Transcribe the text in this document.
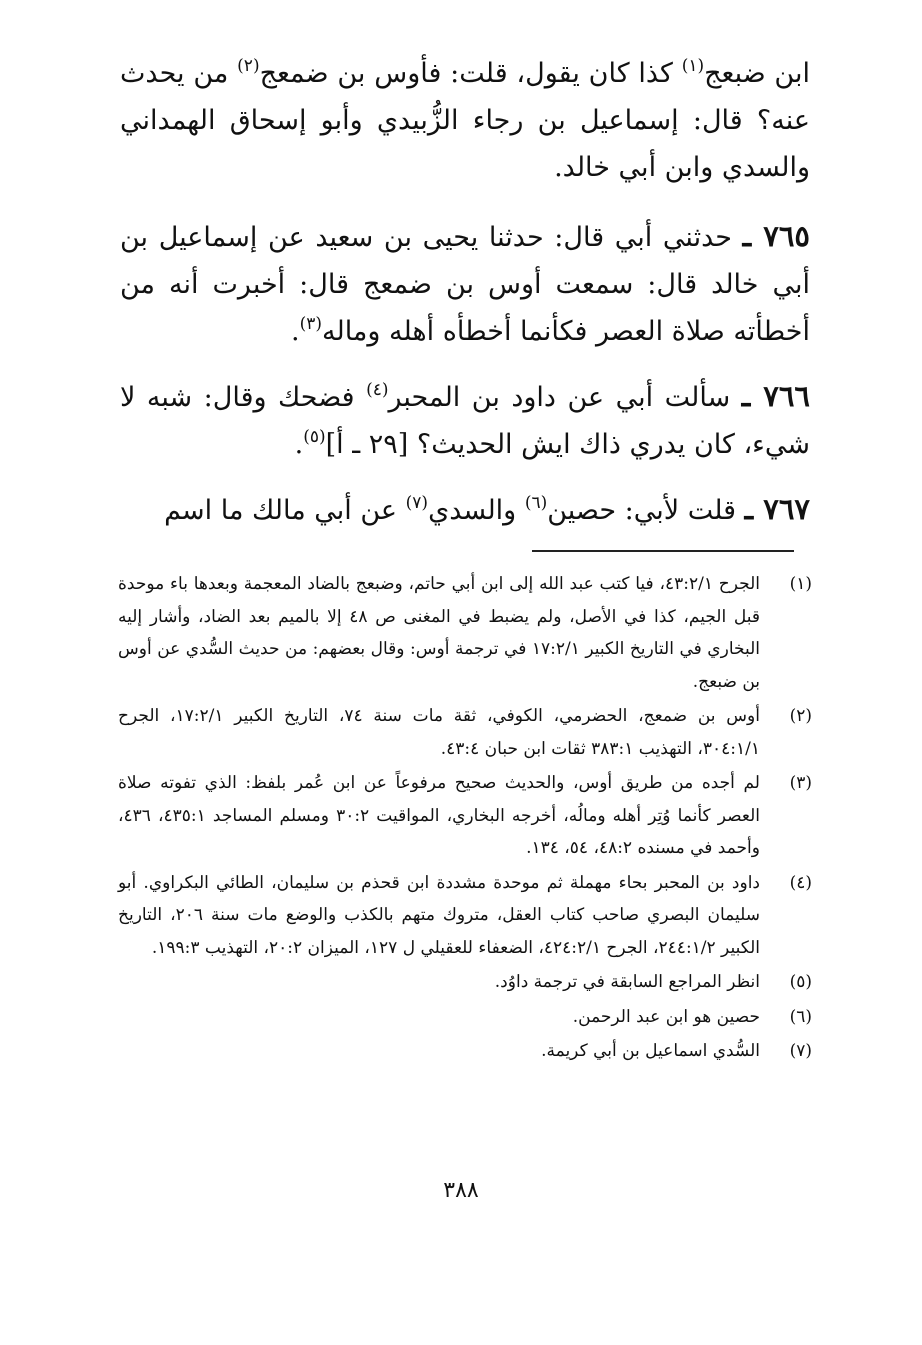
ابن ضبعج$^{(١)}$ كذا كان يقول، قلت: فأوس بن ضمعج$^{(٢)}$ من يحدث عنه؟ قال: إسماعيل بن رجاء الزُّبيدي وأبو إسحاق الهمداني والسدي وابن أبي خالد.

٧٦٥ ـ حدثني أبي قال: حدثنا يحيى بن سعيد عن إسماعيل بن أبي خالد قال: سمعت أوس بن ضمعج قال: أخبرت أنه من أخطأته صلاة العصر فكأنما أخطأه أهله وماله$^{(٣)}$.

٧٦٦ ـ سألت أبي عن داود بن المحبر$^{(٤)}$ فضحك وقال: شبه لا شيء، كان يدري ذاك ايش الحديث؟ [٢٩ ـ أ]$^{(٥)}$.

٧٦٧ ـ قلت لأبي: حصين$^{(٦)}$ والسدي$^{(٧)}$ عن أبي مالك ما اسم

(١)
الجرح ٤٣:٢/١، فيا كتب عبد الله إلى ابن أبي حاتم، وضبعج بالضاد المعجمة وبعدها باء موحدة قبل الجيم، كذا في الأصل، ولم يضبط في المغنى ص ٤٨ إلا بالميم بعد الضاد، وأشار إليه البخاري في التاريخ الكبير ١٧:٢/١ في ترجمة أوس: وقال بعضهم: من حديث السُّدي عن أوس بن ضبعج.
(٢)
أوس بن ضمعج، الحضرمي، الكوفي، ثقة مات سنة ٧٤، التاريخ الكبير ١٧:٢/١، الجرح ٣٠٤:١/١، التهذيب ٣٨٣:١ ثقات ابن حبان ٤٣:٤.
(٣)
لم أجده من طريق أوس، والحديث صحيح مرفوعاً عن ابن عُمر بلفظ: الذي تفوته صلاة العصر كأنما وُتِر أهله ومالُه، أخرجه البخاري، المواقيت ٣٠:٢ ومسلم المساجد ٤٣٥:١، ٤٣٦، وأحمد في مسنده ٤٨:٢، ٥٤، ١٣٤.
(٤)
داود بن المحبر بحاء مهملة ثم موحدة مشددة ابن قحذم بن سليمان، الطائي البكراوي. أبو سليمان البصري صاحب كتاب العقل، متروك متهم بالكذب والوضع مات سنة ٢٠٦، التاريخ الكبير ٢٤٤:١/٢، الجرح ٤٢٤:٢/١، الضعفاء للعقيلي ل ١٢٧، الميزان ٢٠:٢، التهذيب ١٩٩:٣.
(٥)
انظر المراجع السابقة في ترجمة داوُد.
(٦)
حصين هو ابن عبد الرحمن.
(٧)
السُّدي اسماعيل بن أبي كريمة.
٣٨٨
